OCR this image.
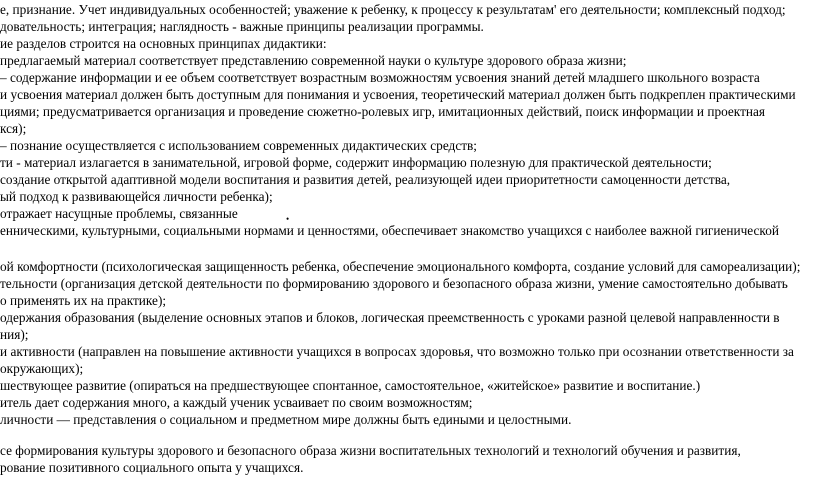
е, признание. Учет индивидуальных особенностей; уважение к ребенку, к процессу к результатам' его деятельности; комплексный подход;
довательность; интеграция; наглядность - важные принципы реализации программы.
ие разделов строится на основных принципах дидактики:
предлагаемый материал соответствует представлению современной науки о культуре здорового образа жизни;
– содержание информации и ее объем соответствует возрастным возможностям усвоения знаний детей младшего школьного возраста
и усвоения материал должен быть доступным для понимания и усвоения, теоретический материал должен быть подкреплен практическими
циями; предусматривается организация и проведение сюжетно-ролевых игр, имитационных действий, поиск информации и проектная
кся);
– познание осуществляется с использованием современных дидактических средств;
ти - материал излагается в занимательной, игровой форме, содержит информацию полезную для практической деятельности;
создание открытой адаптивной модели воспитания и развития детей, реализующей идеи приоритетности самоценности детства,
ый подход к развивающейся личности ребенка);
отражает насущные проблемы, связанные
енническими, культурными, социальными нормами и ценностями, обеспечивает знакомство учащихся с наиболее важной гигиенической
•
ой комфортности (психологическая защищенность ребенка, обеспечение эмоционального комфорта, создание условий для самореализации);
тельности (организация детской деятельности по формированию здорового и безопасного образа жизни, умение самостоятельно добывать
о применять их на практике);
одержания образования (выделение основных этапов и блоков, логическая преемственность с уроками разной целевой направленности в
ния);
и активности (направлен на повышение активности учащихся в вопросах здоровья, что возможно только при осознании ответственности за
окружающих);
шествующее развитие (опираться на предшествующее спонтанное, самостоятельное, «житейское» развитие и воспитание.)
итель дает содержания много, а каждый ученик усваивает по своим возможностям;
личности — представления о социальном и предметном мире должны быть едиными и целостными.
се формирования культуры здорового и безопасного образа жизни воспитательных технологий и технологий обучения и развития,
рование позитивного социального опыта у учащихся.
